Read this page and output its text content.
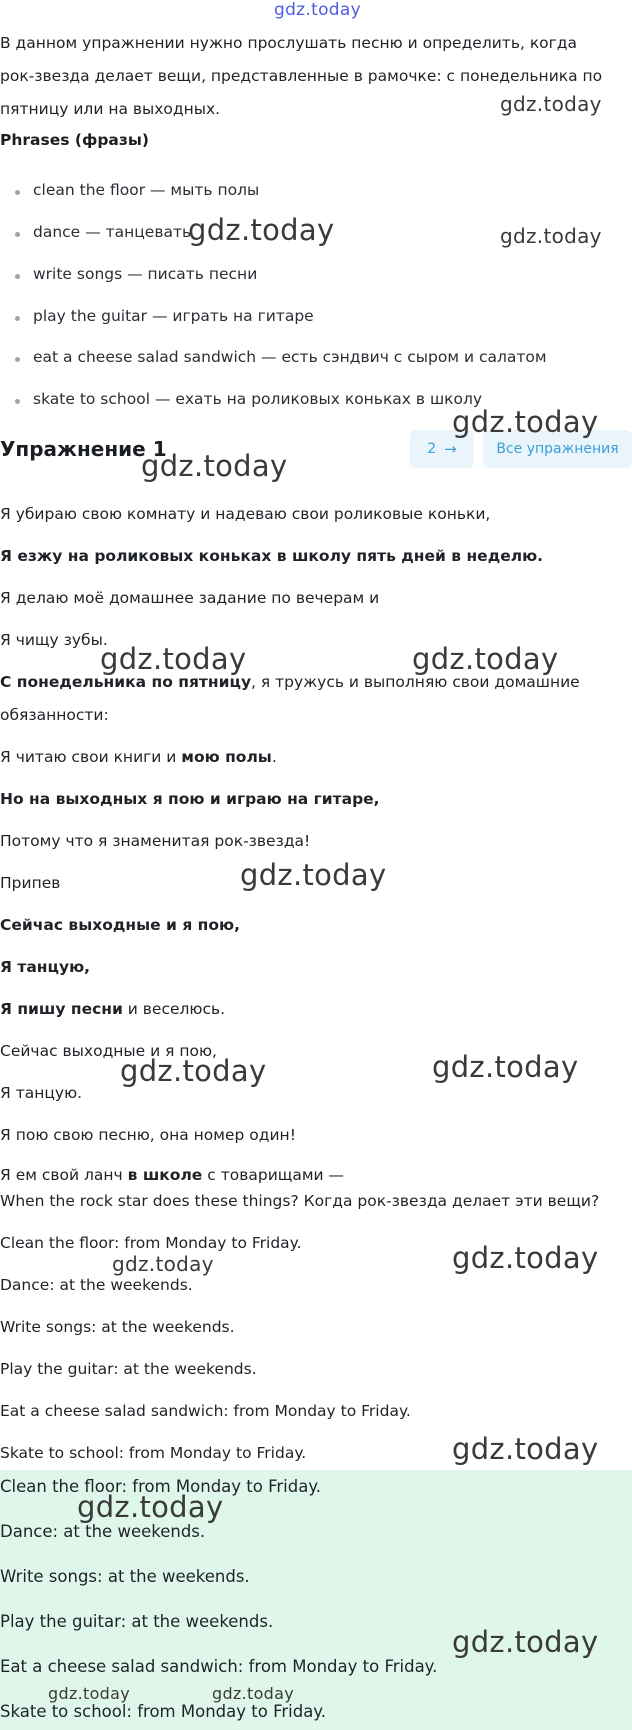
gdz.today
В данном упражнении нужно прослушать песню и определить, когда рок-звезда делает вещи, представленные в рамочке: с понедельника по пятницу или на выходных.	gdz.today
Phrases (фразы)
clean the floor — мыть полы
dance — танцевать
write songs — писать песни
play the guitar — играть на гитаре
eat a cheese salad sandwich — есть сэндвич с сыром и салатом
skate to school — ехать на роликовых коньках в школу
gdz.today	gdz.today
Упражнение 1	2 →	Все упражнения
gdz.today
gdz.today
Я убираю свою комнату и надеваю свои роликовые коньки,
Я езжу на роликовых коньках в школу пять дней в неделю.
Я делаю моё домашнее задание по вечерам и
Я чищу зубы.
С понедельника по пятницу, я тружусь и выполняю свои домашние
обязанности:
Я читаю свои книги и мою полы.
Но на выходных я пою и играю на гитаре,
Потому что я знаменитая рок-звезда!
Припев
Сейчас выходные и я пою,
Я танцую,
Я пишу песни и веселюсь.
Сейчас выходные и я пою,
Я танцую.
Я пою свою песню, она номер один!
Я ем свой ланч в школе с товарищами —
When the rock star does these things? Когда рок-звезда делает эти вещи?
gdz.today	gdz.today
gdz.today
gdz.today	gdz.today
Clean the floor: from Monday to Friday.
Dance: at the weekends.
Write songs: at the weekends.
Play the guitar: at the weekends.
Eat a cheese salad sandwich: from Monday to Friday.
Skate to school: from Monday to Friday.
gdz.today	gdz.today
gdz.today
Clean the floor: from Monday to Friday.
Dance: at the weekends.
Write songs: at the weekends.
Play the guitar: at the weekends.
Eat a cheese salad sandwich: from Monday to Friday.
Skate to school: from Monday to Friday.
gdz.today
gdz.today
gdz.today	gdz.today
